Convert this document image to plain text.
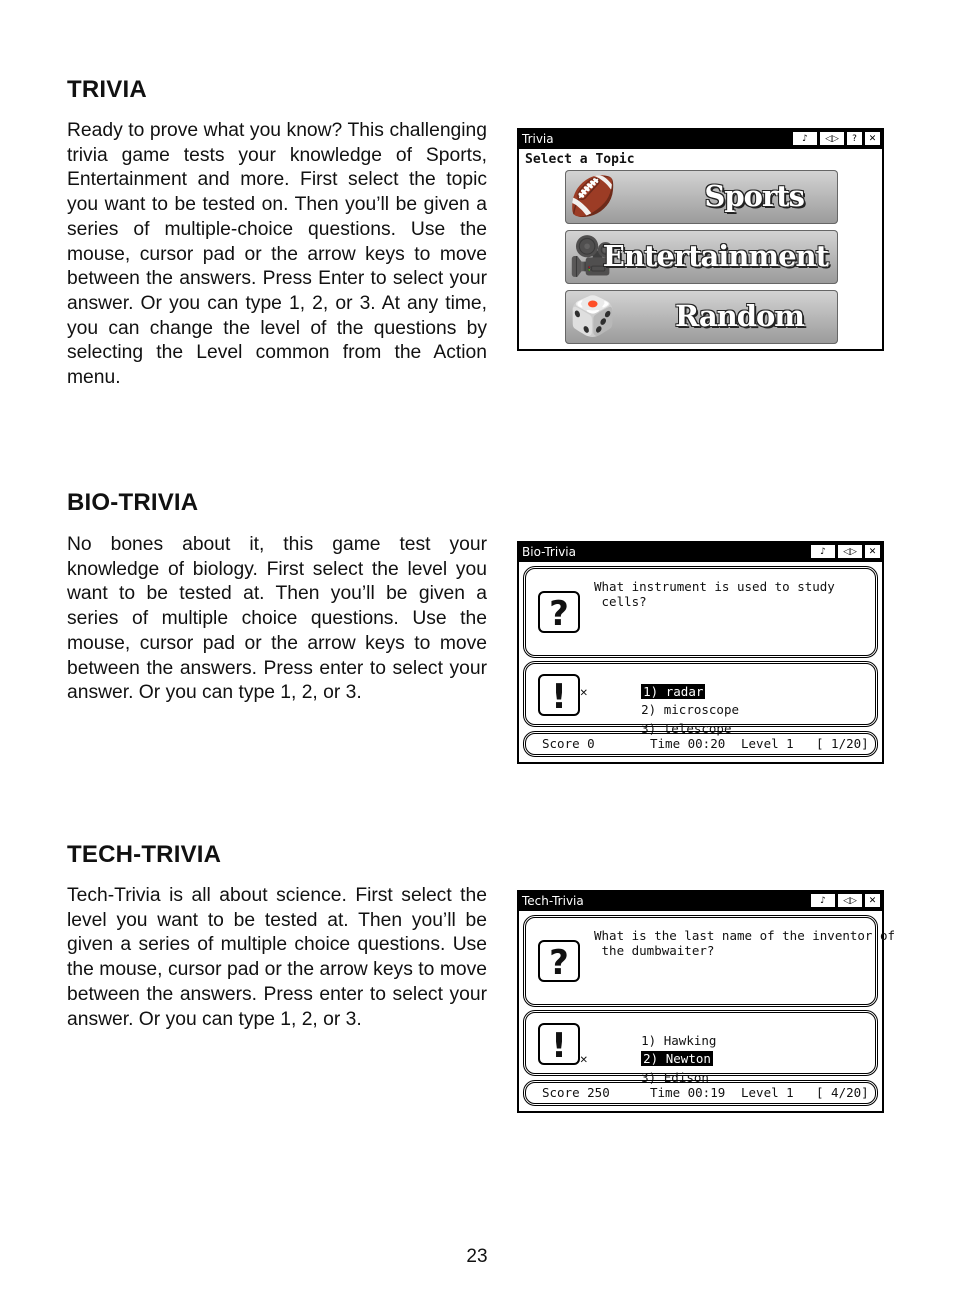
TRIVIA

Ready to prove what you know? This challenging trivia game tests your knowledge of Sports, Entertainment and more. First select the topic you want to be tested on. Then you’ll be given a series of multiple-choice questions. Use the mouse, cursor pad or the arrow keys to move between the answers. Press Enter to select your answer. Or you can type 1, 2, or 3. At any time, you can change the level of the questions by selecting the Level common from the Action menu.

BIO-TRIVIA

No bones about it, this game test your knowledge of biology. First select the level you want to be tested at. Then you’ll be given a series of multiple choice questions. Use the mouse, cursor pad or the arrow keys to move between the answers. Press enter to select your answer. Or you can type 1, 2, or 3.

TECH-TRIVIA

Tech-Trivia is all about science. First select the level you want to be tested at. Then you’ll be given a series of multiple choice questions. Use the mouse, cursor pad or the arrow keys to move between the answers. Press enter to select your answer. Or you can type 1, 2, or 3.

Trivia	♪	◁▷	?	✕
Select a Topic
🏈	Sports
🎥
Entertainment
🎲 Random
Bio-Trivia	♪	◁▷	✕
?
What instrument is used to study
cells?
!

	✕	1) radar

2) microscope

3) telescope

Score 0	Time 00:20 Level 1 [ 1/20]
Tech-Trivia	♪	◁▷	✕
?
What is the last name of the inventor of
the dumbwaiter?
!	1) Hawking

✕	2) Newton

3) Edison

Score 250	Time 00:19 Level 1 [ 4/20]
23
